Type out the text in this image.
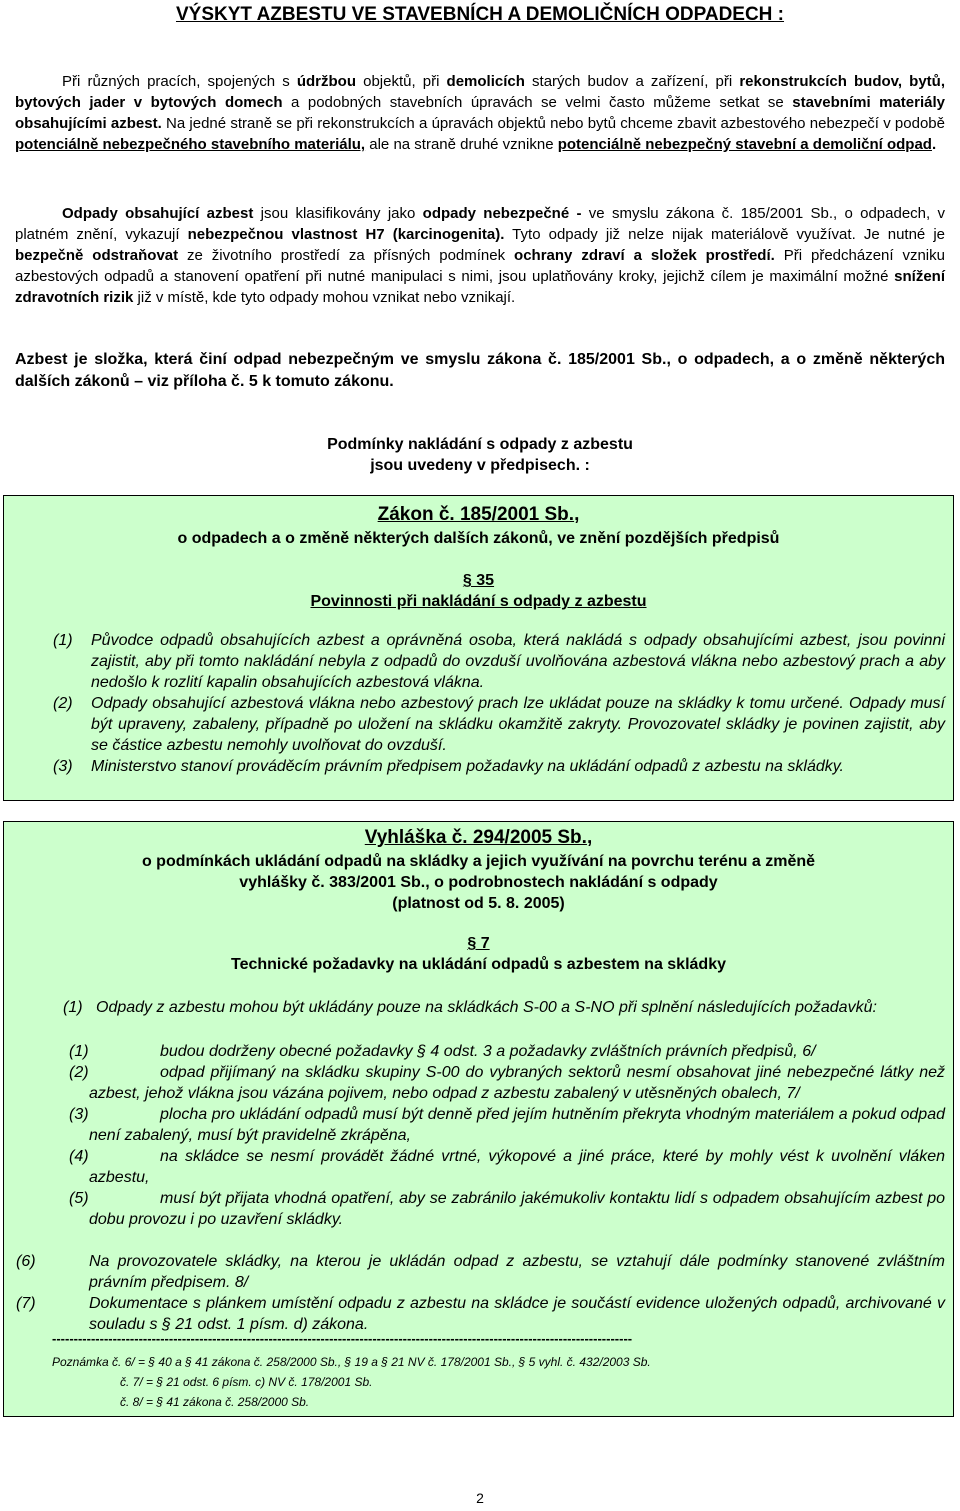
VÝSKYT AZBESTU VE STAVEBNÍCH A DEMOLIČNÍCH ODPADECH :
Při různých pracích, spojených s údržbou objektů, při demolicích starých budov a zařízení, při rekonstrukcích budov, bytů, bytových jader v bytových domech a podobných stavebních úpravách se velmi často můžeme setkat se stavebními materiály obsahujícími azbest. Na jedné straně se při rekonstrukcích a úpravách objektů nebo bytů chceme zbavit azbestového nebezpečí v podobě potenciálně nebezpečného stavebního materiálu, ale na straně druhé vznikne potenciálně nebezpečný stavební a demoliční odpad.
Odpady obsahující azbest jsou klasifikovány jako odpady nebezpečné - ve smyslu zákona č. 185/2001 Sb., o odpadech, v platném znění, vykazují nebezpečnou vlastnost H7 (karcinogenita). Tyto odpady již nelze nijak materiálově využívat. Je nutné je bezpečně odstraňovat ze životního prostředí za přísných podmínek ochrany zdraví a složek prostředí. Při předcházení vzniku azbestových odpadů a stanovení opatření při nutné manipulaci s nimi, jsou uplatňovány kroky, jejichž cílem je maximální možné snížení zdravotních rizik již v místě, kde tyto odpady mohou vznikat nebo vznikají.
Azbest je složka, která činí odpad nebezpečným ve smyslu zákona č. 185/2001 Sb., o odpadech, a o změně některých dalších zákonů – viz příloha č. 5 k tomuto zákonu.
Podmínky nakládání s odpady z azbestu
jsou uvedeny v předpisech. :
Zákon č. 185/2001 Sb.,
o odpadech a o změně některých dalších zákonů, ve znění pozdějších předpisů
§ 35
Povinnosti při nakládání s odpady z azbestu
(1)	Původce odpadů obsahujících azbest a oprávněná osoba, která nakládá s odpady obsahujícími azbest, jsou povinni zajistit, aby při tomto nakládání nebyla z odpadů do ovzduší uvolňována azbestová vlákna nebo azbestový prach a aby nedošlo k rozlití kapalin obsahujících azbestová vlákna.
(2)	Odpady obsahující azbestová vlákna nebo azbestový prach lze ukládat pouze na skládky k tomu určené. Odpady musí být upraveny, zabaleny, případně po uložení na skládku okamžitě zakryty. Provozovatel skládky je povinen zajistit, aby se částice azbestu nemohly uvolňovat do ovzduší.
(3)	Ministerstvo stanoví prováděcím právním předpisem požadavky na ukládání odpadů z azbestu na skládky.
Vyhláška č. 294/2005 Sb.,
o podmínkách ukládání odpadů na skládky a jejich využívání na povrchu terénu a změně
vyhlášky č. 383/2001 Sb., o podrobnostech nakládání s odpady
(platnost od 5. 8. 2005)
§ 7
Technické požadavky na ukládání odpadů s azbestem na skládky
(1) Odpady z azbestu mohou být ukládány pouze na skládkách S-00 a S-NO při splnění následujících požadavků:
(1)	budou dodrženy obecné požadavky § 4 odst. 3 a požadavky zvláštních právních předpisů, 6/
(2)	odpad přijímaný na skládku skupiny S-00 do vybraných sektorů nesmí obsahovat jiné nebezpečné látky než azbest, jehož vlákna jsou vázána pojivem, nebo odpad z azbestu zabalený v utěsněných obalech, 7/
(3)	plocha pro ukládání odpadů musí být denně před jejím hutněním překryta vhodným materiálem a pokud odpad není zabalený, musí být pravidelně zkrápěna,
(4)	na skládce se nesmí provádět žádné vrtné, výkopové a jiné práce, které by mohly vést k uvolnění vláken azbestu,
(5)	musí být přijata vhodná opatření, aby se zabránilo jakémukoliv kontaktu lidí s odpadem obsahujícím azbest po dobu provozu i po uzavření skládky.
(6)	Na provozovatele skládky, na kterou je ukládán odpad z azbestu, se vztahují dále podmínky stanovené zvláštním právním předpisem. 8/
(7)	Dokumentace s plánkem umístění odpadu z azbestu na skládce je součástí evidence uložených odpadů, archivované v souladu s § 21 odst. 1 písm. d) zákona.
--------------------------------------------------------------------------------------------------------------------------------------
Poznámka č. 6/ = § 40 a § 41 zákona č. 258/2000 Sb., § 19 a § 21 NV č. 178/2001 Sb., § 5 vyhl. č. 432/2003 Sb.
č. 7/ = § 21 odst. 6 písm. c) NV č. 178/2001 Sb.
č. 8/ = § 41 zákona č. 258/2000 Sb.
2
